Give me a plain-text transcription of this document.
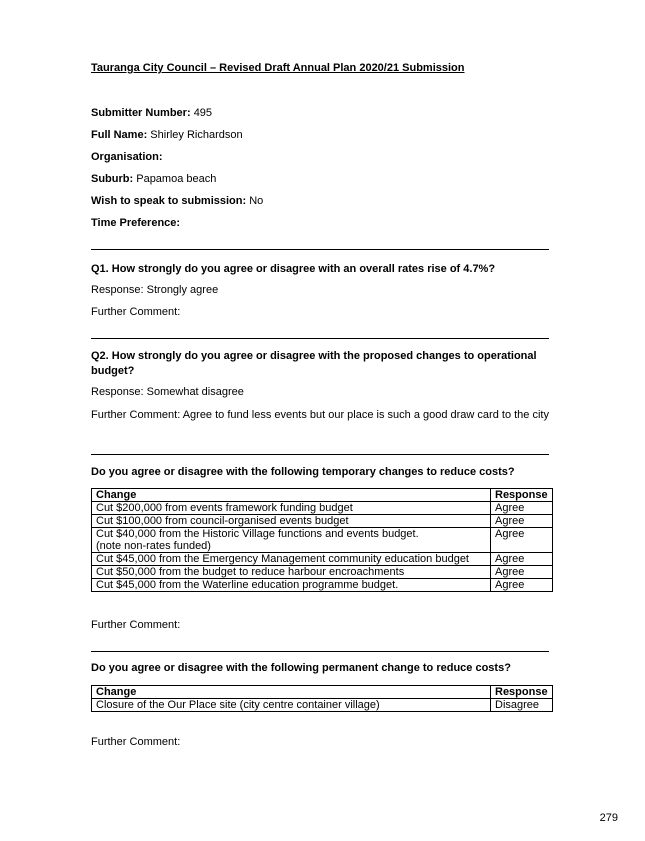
Tauranga City Council – Revised Draft Annual Plan 2020/21 Submission
Submitter Number: 495
Full Name: Shirley Richardson
Organisation:
Suburb: Papamoa beach
Wish to speak to submission: No
Time Preference:
Q1. How strongly do you agree or disagree with an overall rates rise of 4.7%?
Response: Strongly agree
Further Comment:
Q2. How strongly do you agree or disagree with the proposed changes to operational budget?
Response: Somewhat disagree
Further Comment: Agree to fund less events but our place is such a good draw card to the city
Do you agree or disagree with the following temporary changes to reduce costs?
Change	Response
Cut $200,000 from events framework funding budget	Agree
Cut $100,000 from council-organised events budget	Agree

Cut $40,000 from the Historic Village functions and events budget.
(note non-rates funded)	Agree
Cut $45,000 from the Emergency Management community education budget	Agree
Cut $50,000 from the budget to reduce harbour encroachments	Agree
Cut $45,000 from the Waterline education programme budget.	Agree
Further Comment:
Do you agree or disagree with the following permanent change to reduce costs?
Change	Response
Closure of the Our Place site (city centre container village)	Disagree
Further Comment:
279
